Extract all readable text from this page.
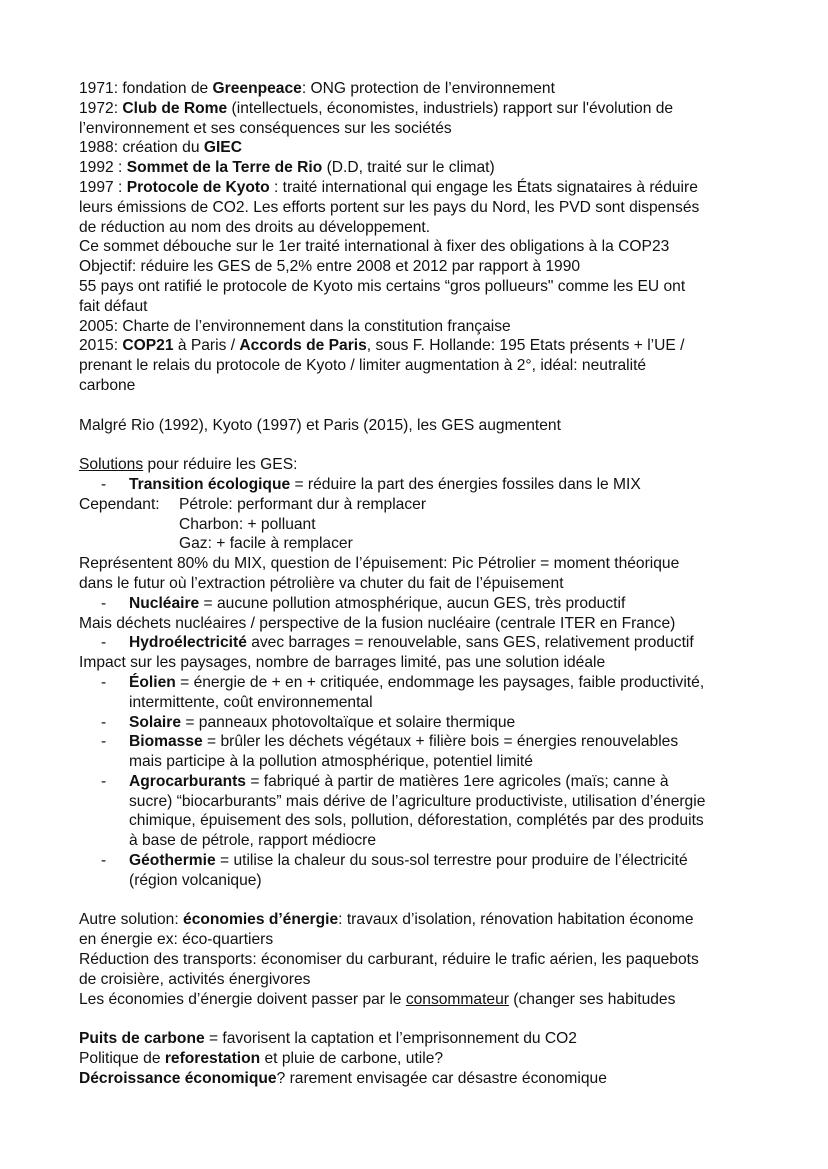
1971: fondation de Greenpeace: ONG protection de l’environnement
1972: Club de Rome (intellectuels, économistes, industriels) rapport sur l'évolution de
l’environnement et ses conséquences sur les sociétés
1988: création du GIEC
1992 : Sommet de la Terre de Rio (D.D, traité sur le climat)
1997 : Protocole de Kyoto : traité international qui engage les États signataires à réduire
leurs émissions de CO2. Les efforts portent sur les pays du Nord, les PVD sont dispensés
de réduction au nom des droits au développement.
Ce sommet débouche sur le 1er traité international à fixer des obligations à la COP23
Objectif: réduire les GES de 5,2% entre 2008 et 2012 par rapport à 1990
55 pays ont ratifié le protocole de Kyoto mis certains “gros pollueurs" comme les EU ont
fait défaut
2005: Charte de l’environnement dans la constitution française
2015: COP21 à Paris / Accords de Paris, sous F. Hollande: 195 Etats présents + l’UE /
prenant le relais du protocole de Kyoto / limiter augmentation à 2°, idéal: neutralité
carbone
Malgré Rio (1992), Kyoto (1997) et Paris (2015), les GES augmentent
Solutions pour réduire les GES:
- Transition écologique = réduire la part des énergies fossiles dans le MIX
Cependant: Pétrole: performant dur à remplacer
Charbon: + polluant
Gaz: + facile à remplacer
Représentent 80% du MIX, question de l’épuisement: Pic Pétrolier = moment théorique
dans le futur où l’extraction pétrolière va chuter du fait de l’épuisement
- Nucléaire = aucune pollution atmosphérique, aucun GES, très productif
Mais déchets nucléaires / perspective de la fusion nucléaire (centrale ITER en France)
- Hydroélectricité avec barrages = renouvelable, sans GES, relativement productif
Impact sur les paysages, nombre de barrages limité, pas une solution idéale
- Éolien = énergie de + en + critiquée, endommage les paysages, faible productivité,
intermittente, coût environnemental
- Solaire = panneaux photovoltaïque et solaire thermique
- Biomasse = brûler les déchets végétaux + filière bois = énergies renouvelables
mais participe à la pollution atmosphérique, potentiel limité
- Agrocarburants = fabriqué à partir de matières 1ere agricoles (maïs; canne à
sucre) “biocarburants” mais dérive de l’agriculture productiviste, utilisation d’énergie
chimique, épuisement des sols, pollution, déforestation, complétés par des produits
à base de pétrole, rapport médiocre
- Géothermie = utilise la chaleur du sous-sol terrestre pour produire de l’électricité
(région volcanique)
Autre solution: économies d’énergie: travaux d’isolation, rénovation habitation économe
en énergie ex: éco-quartiers
Réduction des transports: économiser du carburant, réduire le trafic aérien, les paquebots
de croisière, activités énergivores
Les économies d’énergie doivent passer par le consommateur (changer ses habitudes
Puits de carbone = favorisent la captation et l’emprisonnement du CO2
Politique de reforestation et pluie de carbone, utile?
Décroissance économique? rarement envisagée car désastre économique
